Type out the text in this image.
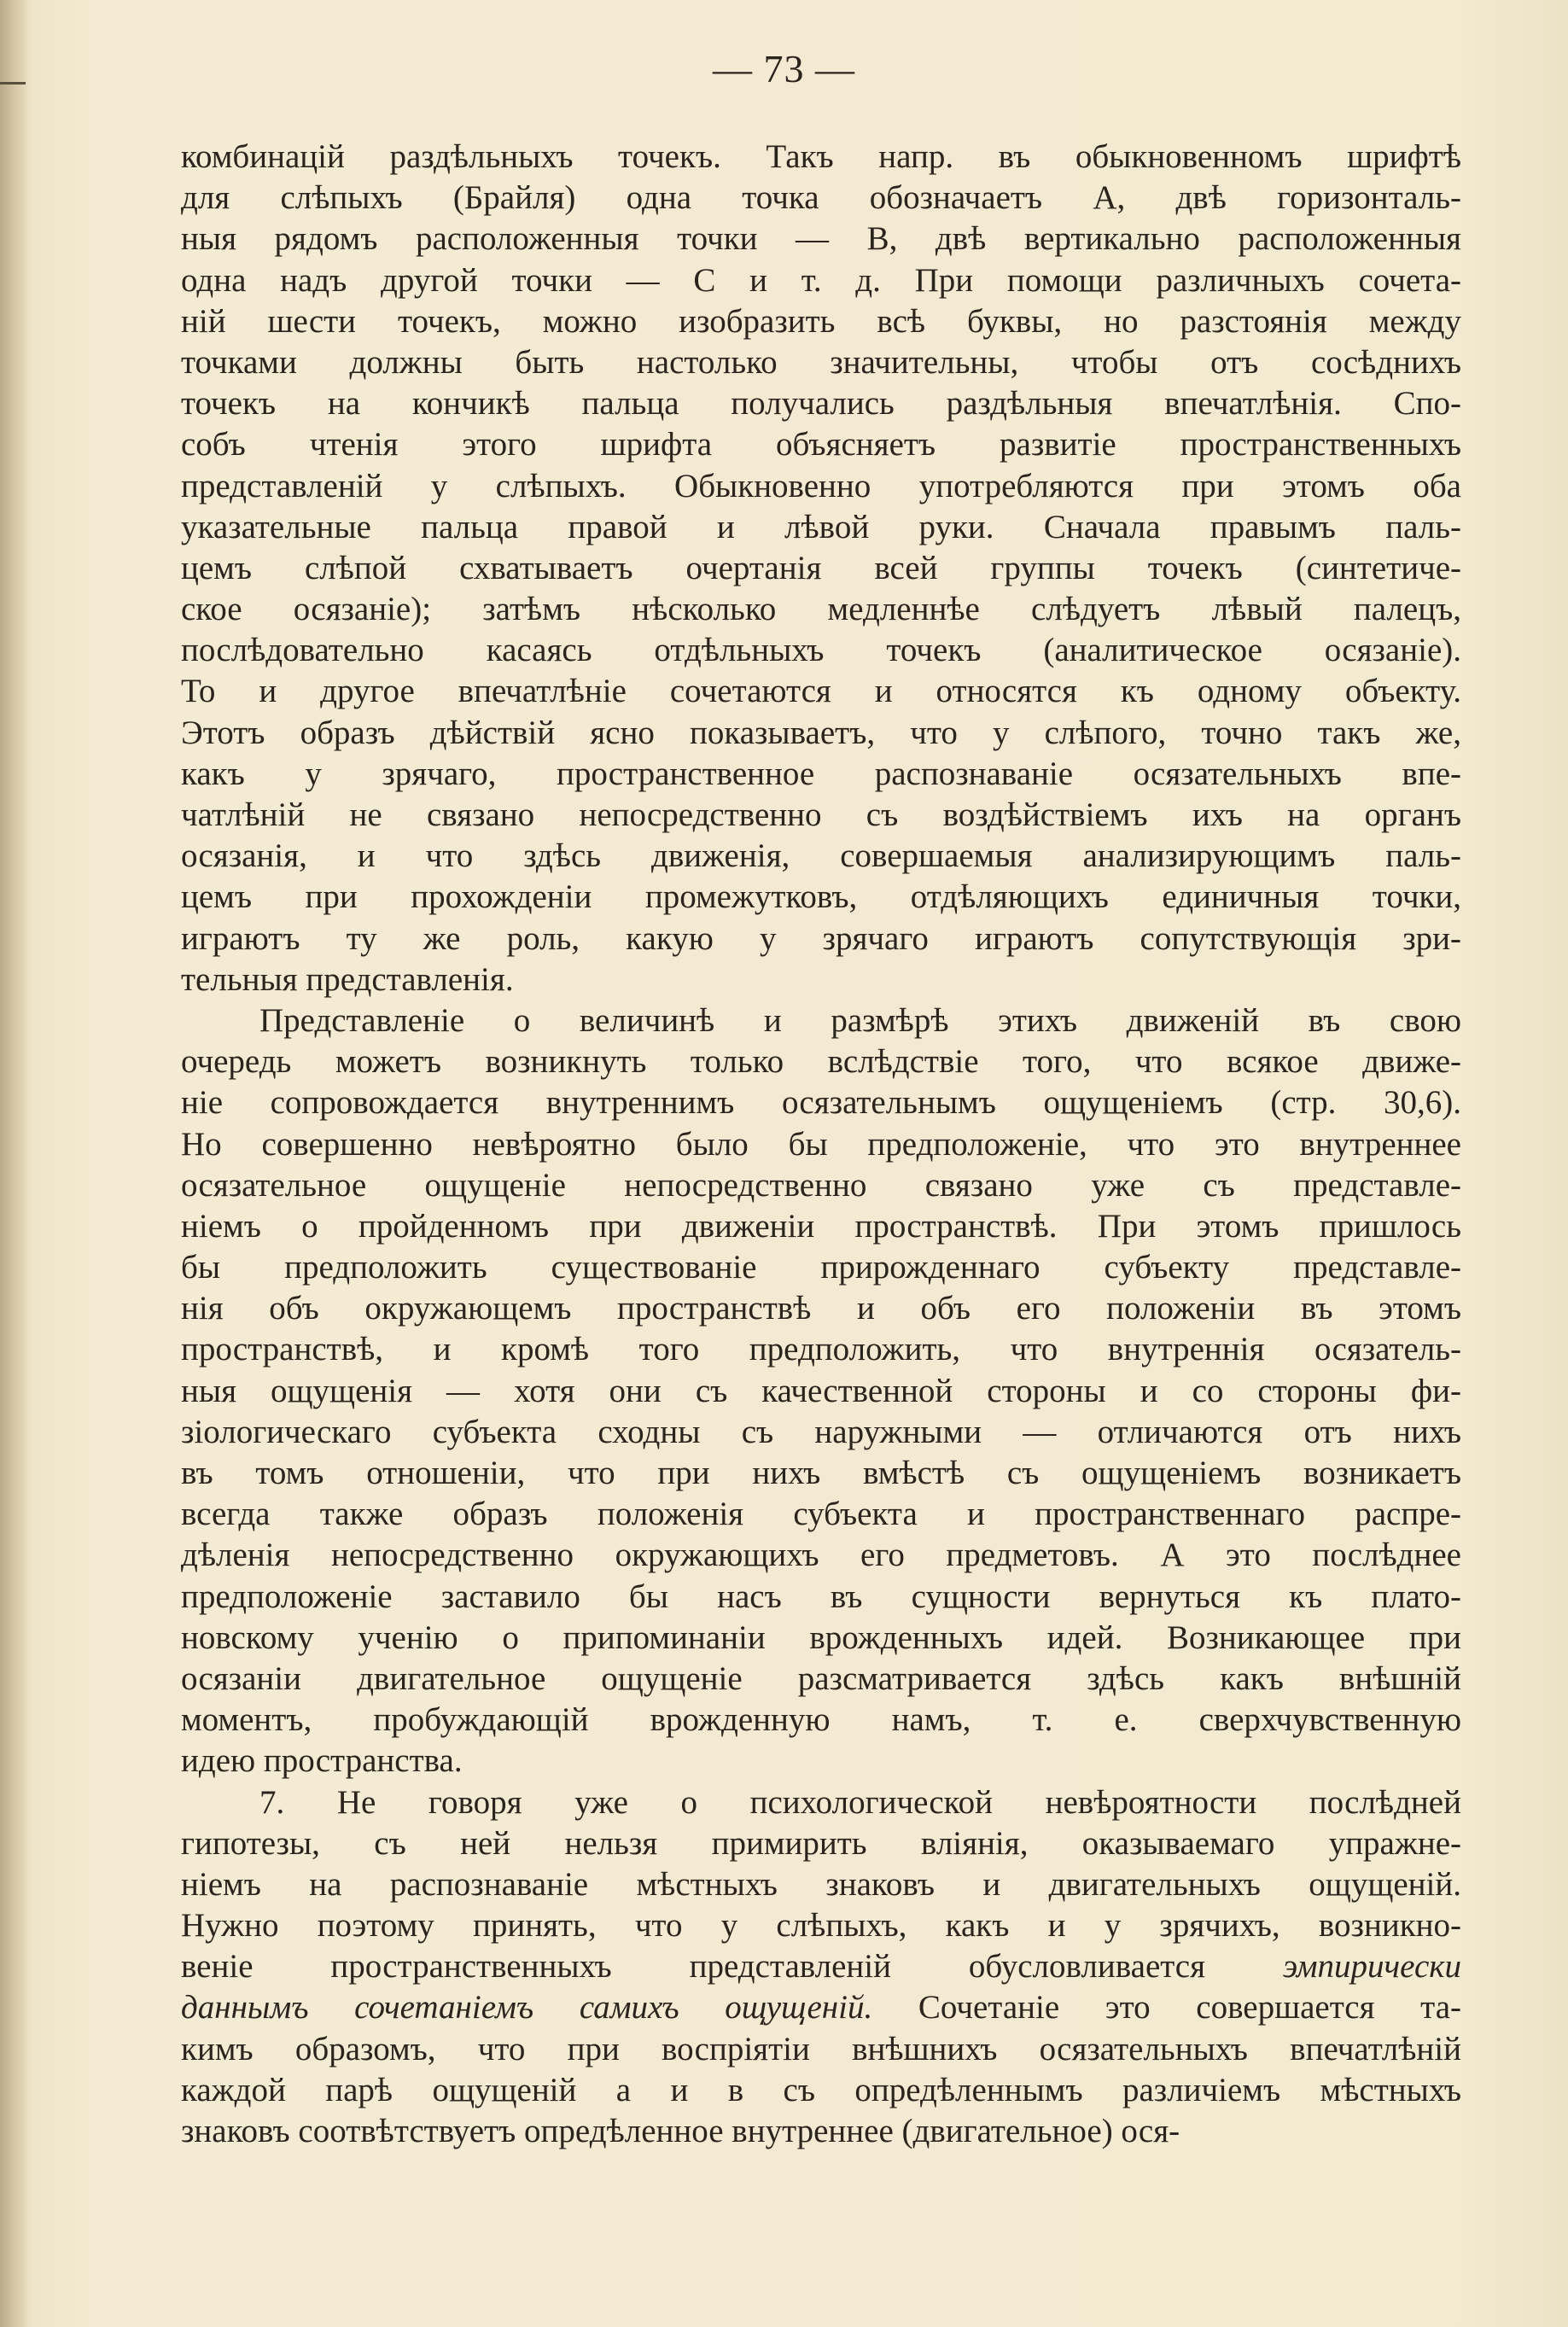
— 73 —
комбинацій раздѣльныхъ точекъ. Такъ напр. въ обыкновенномъ шрифтѣ
для слѣпыхъ (Брайля) одна точка обозначаетъ А, двѣ горизонталь-
ныя рядомъ расположенныя точки — В, двѣ вертикально расположенныя
одна надъ другой точки — С и т. д. При помощи различныхъ сочета-
ній шести точекъ, можно изобразить всѣ буквы, но разстоянія между
точками должны быть настолько значительны, чтобы отъ сосѣднихъ
точекъ на кончикѣ пальца получались раздѣльныя впечатлѣнія. Спо-
собъ чтенія этого шрифта объясняетъ развитіе пространственныхъ
представленій у слѣпыхъ. Обыкновенно употребляются при этомъ оба
указательные пальца правой и лѣвой руки. Сначала правымъ паль-
цемъ слѣпой схватываетъ очертанія всей группы точекъ (синтетиче-
ское осязаніе); затѣмъ нѣсколько медленнѣе слѣдуетъ лѣвый палецъ,
послѣдовательно касаясь отдѣльныхъ точекъ (аналитическое осязаніе).
То и другое впечатлѣніе сочетаются и относятся къ одному объекту.
Этотъ образъ дѣйствій ясно показываетъ, что у слѣпого, точно такъ же,
какъ у зрячаго, пространственное распознаваніе осязательныхъ впе-
чатлѣній не связано непосредственно съ воздѣйствіемъ ихъ на органъ
осязанія, и что здѣсь движенія, совершаемыя анализирующимъ паль-
цемъ при прохожденіи промежутковъ, отдѣляющихъ единичныя точки,
играютъ ту же роль, какую у зрячаго играютъ сопутствующія зри-
тельныя представленія.
Представленіе о величинѣ и размѣрѣ этихъ движеній въ свою
очередь можетъ возникнуть только вслѣдствіе того, что всякое движе-
ніе сопровождается внутреннимъ осязательнымъ ощущеніемъ (стр. 30,6).
Но совершенно невѣроятно было бы предположеніе, что это внутреннее
осязательное ощущеніе непосредственно связано уже съ представле-
ніемъ о пройденномъ при движеніи пространствѣ. При этомъ пришлось
бы предположить существованіе прирожденнаго субъекту представле-
нія объ окружающемъ пространствѣ и объ его положеніи въ этомъ
пространствѣ, и кромѣ того предположить, что внутреннія осязатель-
ныя ощущенія — хотя они съ качественной стороны и со стороны фи-
зіологическаго субъекта сходны съ наружными — отличаются отъ нихъ
въ томъ отношеніи, что при нихъ вмѣстѣ съ ощущеніемъ возникаетъ
всегда также образъ положенія субъекта и пространственнаго распре-
дѣленія непосредственно окружающихъ его предметовъ. А это послѣднее
предположеніе заставило бы насъ въ сущности вернуться къ плато-
новскому ученію о припоминаніи врожденныхъ идей. Возникающее при
осязаніи двигательное ощущеніе разсматривается здѣсь какъ внѣшній
моментъ, пробуждающій врожденную намъ, т. е. сверхчувственную
идею пространства.
7. Не говоря уже о психологической невѣроятности послѣдней
гипотезы, съ ней нельзя примирить вліянія, оказываемаго упражне-
ніемъ на распознаваніе мѣстныхъ знаковъ и двигательныхъ ощущеній.
Нужно поэтому принять, что у слѣпыхъ, какъ и у зрячихъ, возникно-
веніе пространственныхъ представленій обусловливается эмпирически
даннымъ сочетаніемъ самихъ ощущеній. Сочетаніе это совершается та-
кимъ образомъ, что при воспріятіи внѣшнихъ осязательныхъ впечатлѣній
каждой парѣ ощущеній а и в съ опредѣленнымъ различіемъ мѣстныхъ
знаковъ соотвѣтствуетъ опредѣленное внутреннее (двигательное) ося-
